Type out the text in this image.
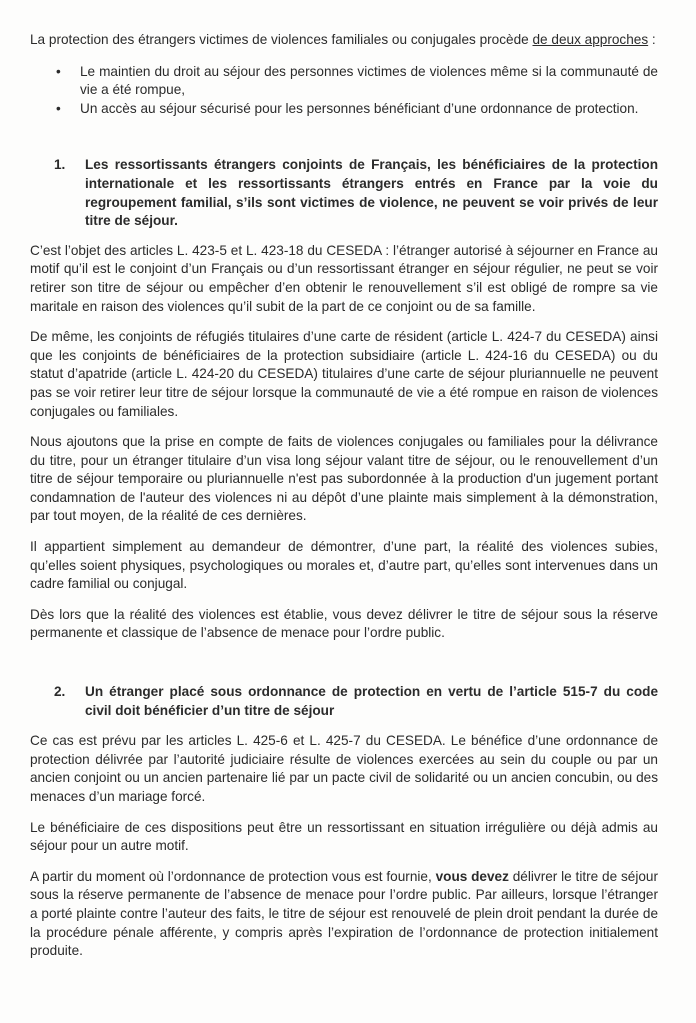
La protection des étrangers victimes de violences familiales ou conjugales procède de deux approches :

• Le maintien du droit au séjour des personnes victimes de violences même si la communauté de vie a été rompue,
• Un accès au séjour sécurisé pour les personnes bénéficiant d’une ordonnance de protection.
1. Les ressortissants étrangers conjoints de Français, les bénéficiaires de la protection internationale et les ressortissants étrangers entrés en France par la voie du regroupement familial, s’ils sont victimes de violence, ne peuvent se voir privés de leur titre de séjour.

C’est l’objet des articles L. 423-5 et L. 423-18 du CESEDA : l’étranger autorisé à séjourner en France au motif qu’il est le conjoint d’un Français ou d’un ressortissant étranger en séjour régulier, ne peut se voir retirer son titre de séjour ou empêcher d’en obtenir le renouvellement s’il est obligé de rompre sa vie maritale en raison des violences qu’il subit de la part de ce conjoint ou de sa famille.

De même, les conjoints de réfugiés titulaires d’une carte de résident (article L. 424-7 du CESEDA) ainsi que les conjoints de bénéficiaires de la protection subsidiaire (article L. 424-16 du CESEDA) ou du statut d’apatride (article L. 424-20 du CESEDA) titulaires d’une carte de séjour pluriannuelle ne peuvent pas se voir retirer leur titre de séjour lorsque la communauté de vie a été rompue en raison de violences conjugales ou familiales.

Nous ajoutons que la prise en compte de faits de violences conjugales ou familiales pour la délivrance du titre, pour un étranger titulaire d’un visa long séjour valant titre de séjour, ou le renouvellement d’un titre de séjour temporaire ou pluriannuelle n'est pas subordonnée à la production d'un jugement portant condamnation de l'auteur des violences ni au dépôt d’une plainte mais simplement à la démonstration, par tout moyen, de la réalité de ces dernières.

Il appartient simplement au demandeur de démontrer, d’une part, la réalité des violences subies, qu’elles soient physiques, psychologiques ou morales et, d’autre part, qu’elles sont intervenues dans un cadre familial ou conjugal.

Dès lors que la réalité des violences est établie, vous devez délivrer le titre de séjour sous la réserve permanente et classique de l’absence de menace pour l’ordre public.

2. Un étranger placé sous ordonnance de protection en vertu de l’article 515-7 du code civil doit bénéficier d’un titre de séjour

Ce cas est prévu par les articles L. 425-6 et L. 425-7 du CESEDA. Le bénéfice d’une ordonnance de protection délivrée par l’autorité judiciaire résulte de violences exercées au sein du couple ou par un ancien conjoint ou un ancien partenaire lié par un pacte civil de solidarité ou un ancien concubin, ou des menaces d’un mariage forcé.

Le bénéficiaire de ces dispositions peut être un ressortissant en situation irrégulière ou déjà admis au séjour pour un autre motif.

A partir du moment où l’ordonnance de protection vous est fournie, vous devez délivrer le titre de séjour sous la réserve permanente de l’absence de menace pour l’ordre public. Par ailleurs, lorsque l’étranger a porté plainte contre l’auteur des faits, le titre de séjour est renouvelé de plein droit pendant la durée de la procédure pénale afférente, y compris après l’expiration de l’ordonnance de protection initialement produite.
